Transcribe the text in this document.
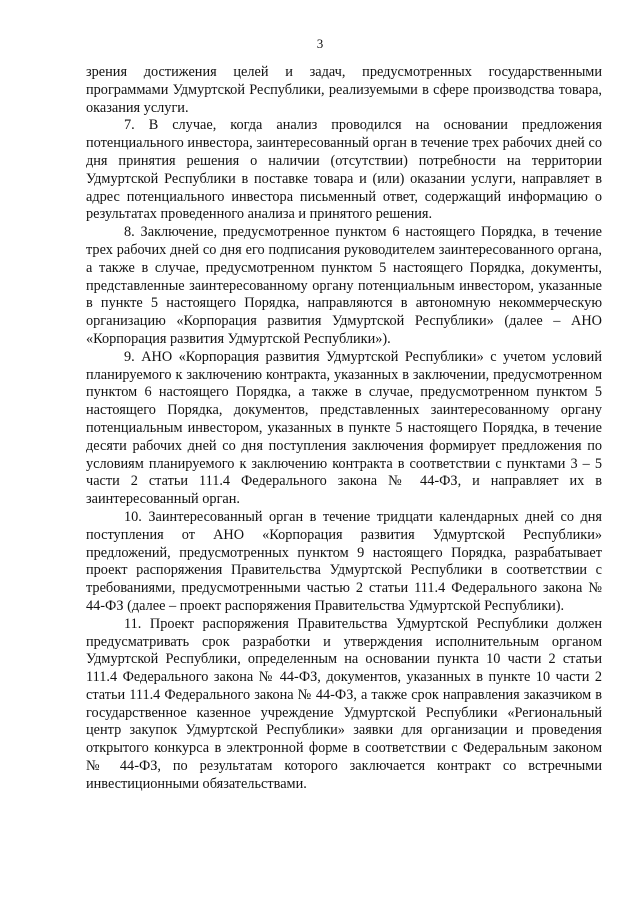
3

зрения достижения целей и задач, предусмотренных государственными программами Удмуртской Республики, реализуемыми в сфере производства товара, оказания услуги.

7. В случае, когда анализ проводился на основании предложения потенциального инвестора, заинтересованный орган в течение трех рабочих дней со дня принятия решения о наличии (отсутствии) потребности на территории Удмуртской Республики в поставке товара и (или) оказании услуги, направляет в адрес потенциального инвестора письменный ответ, содержащий информацию о результатах проведенного анализа и принятого решения.

8. Заключение, предусмотренное пунктом 6 настоящего Порядка, в течение трех рабочих дней со дня его подписания руководителем заинтересованного органа, а также в случае, предусмотренном пунктом 5 настоящего Порядка, документы, представленные заинтересованному органу потенциальным инвестором, указанные в пункте 5 настоящего Порядка, направляются в автономную некоммерческую организацию «Корпорация развития Удмуртской Республики» (далее – АНО «Корпорация развития Удмуртской Республики»).

9. АНО «Корпорация развития Удмуртской Республики» с учетом условий планируемого к заключению контракта, указанных в заключении, предусмотренном пунктом 6 настоящего Порядка, а также в случае, предусмотренном пунктом 5 настоящего Порядка, документов, представленных заинтересованному органу потенциальным инвестором, указанных в пункте 5 настоящего Порядка, в течение десяти рабочих дней со дня поступления заключения формирует предложения по условиям планируемого к заключению контракта в соответствии с пунктами 3 – 5 части 2 статьи 111.4 Федерального закона № 44-ФЗ, и направляет их в заинтересованный орган.

10. Заинтересованный орган в течение тридцати календарных дней со дня поступления от АНО «Корпорация развития Удмуртской Республики» предложений, предусмотренных пунктом 9 настоящего Порядка, разрабатывает проект распоряжения Правительства Удмуртской Республики в соответствии с требованиями, предусмотренными частью 2 статьи 111.4 Федерального закона № 44-ФЗ (далее – проект распоряжения Правительства Удмуртской Республики).

11. Проект распоряжения Правительства Удмуртской Республики должен предусматривать срок разработки и утверждения исполнительным органом Удмуртской Республики, определенным на основании пункта 10 части 2 статьи 111.4 Федерального закона № 44-ФЗ, документов, указанных в пункте 10 части 2 статьи 111.4 Федерального закона № 44-ФЗ, а также срок направления заказчиком в государственное казенное учреждение Удмуртской Республики «Региональный центр закупок Удмуртской Республики» заявки для организации и проведения открытого конкурса в электронной форме в соответствии с Федеральным законом № 44-ФЗ, по результатам которого заключается контракт со встречными инвестиционными обязательствами.
